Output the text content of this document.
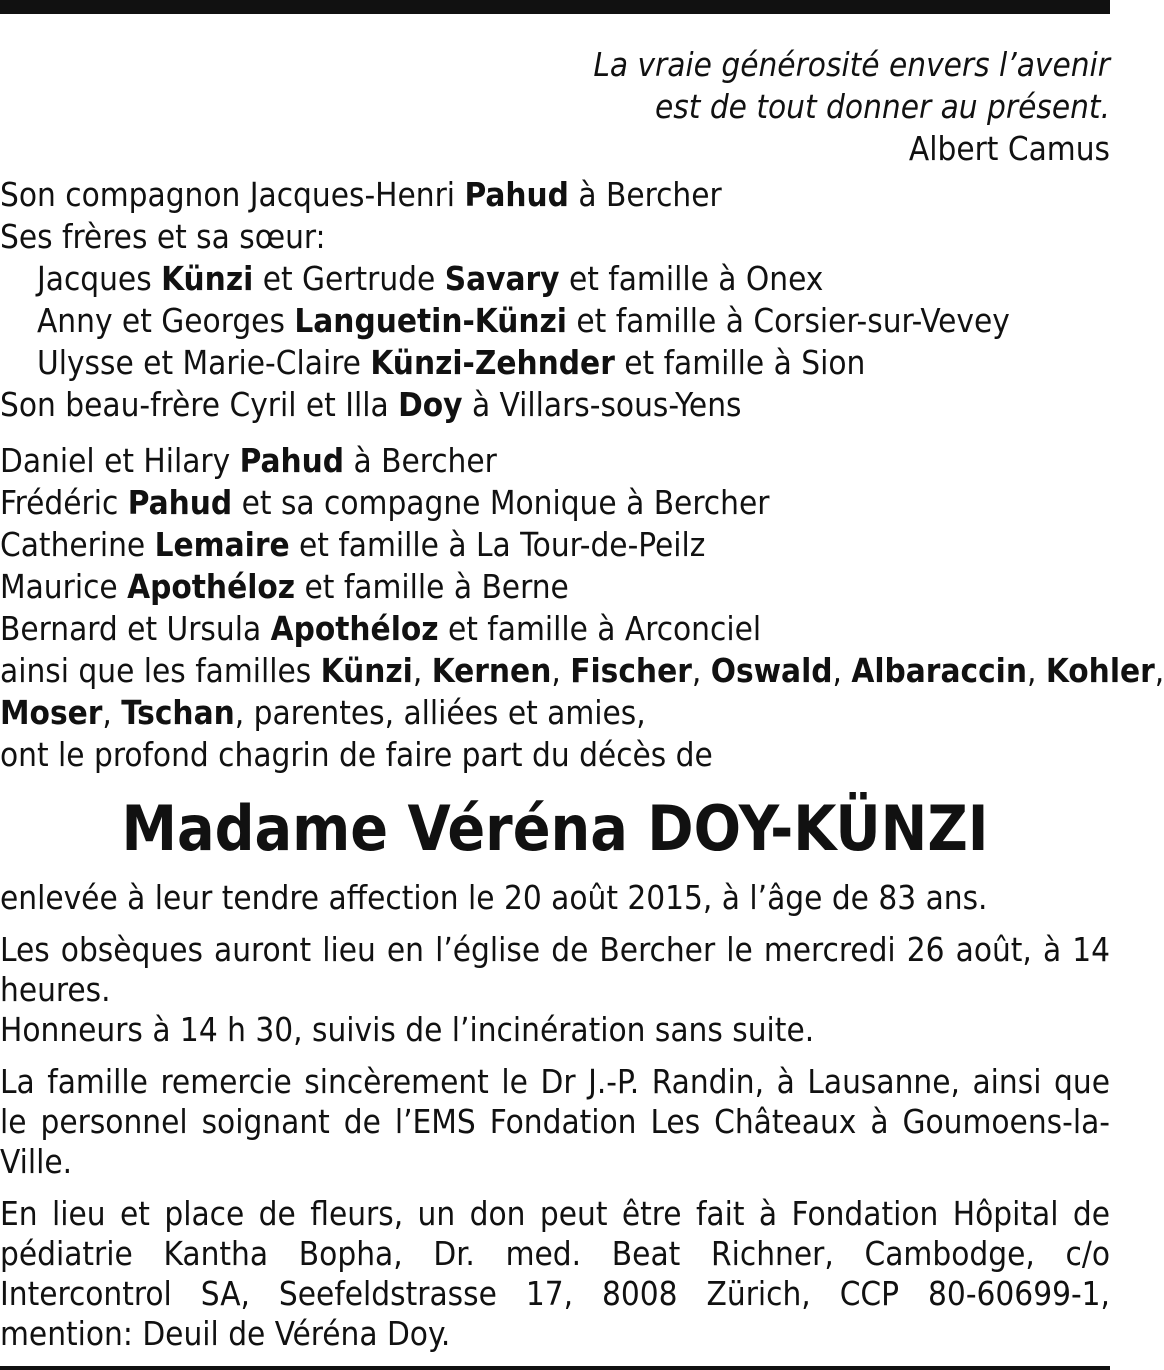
La vraie générosité envers l’avenir
est de tout donner au présent.
Albert Camus
Son compagnon Jacques-Henri Pahud à Bercher
Ses frères et sa sœur:
Jacques Künzi et Gertrude Savary et famille à Onex
Anny et Georges Languetin-Künzi et famille à Corsier-sur-Vevey
Ulysse et Marie-Claire Künzi-Zehnder et famille à Sion
Son beau-frère Cyril et Illa Doy à Villars-sous-Yens
Daniel et Hilary Pahud à Bercher
Frédéric Pahud et sa compagne Monique à Bercher
Catherine Lemaire et famille à La Tour-de-Peilz
Maurice Apothéloz et famille à Berne
Bernard et Ursula Apothéloz et famille à Arconciel
ainsi que les familles Künzi, Kernen, Fischer, Oswald, Albaraccin, Kohler,
Moser, Tschan, parentes, alliées et amies,
ont le profond chagrin de faire part du décès de
Madame Véréna DOY-KÜNZI
enlevée à leur tendre affection le 20 août 2015, à l’âge de 83 ans.
Les obsèques auront lieu en l’église de Bercher le mercredi 26 août, à 14 heures.
Honneurs à 14 h 30, suivis de l’incinération sans suite.
La famille remercie sincèrement le Dr J.-P. Randin, à Lausanne, ainsi que le personnel soignant de l’EMS Fondation Les Châteaux à Goumoens-la-Ville.
En lieu et place de fleurs, un don peut être fait à Fondation Hôpital de pédiatrie Kantha Bopha, Dr. med. Beat Richner, Cambodge, c/o Intercontrol SA, Seefeldstrasse 17, 8008 Zürich, CCP 80-60699-1, mention: Deuil de Véréna Doy.
